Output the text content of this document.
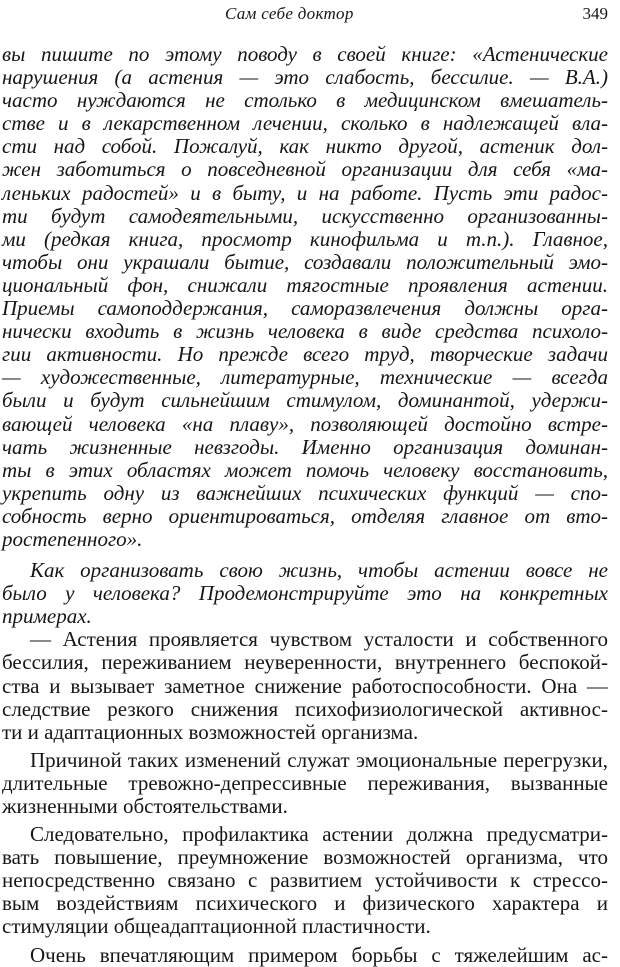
Сам себе доктор	349
вы пишите по этому поводу в своей книге: «Астенические
нарушения (а астения — это слабость, бессилие. — В.А.)
часто нуждаются не столько в медицинском вмешатель-
стве и в лекарственном лечении, сколько в надлежащей вла-
сти над собой. Пожалуй, как никто другой, астеник дол-
жен заботиться о повседневной организации для себя «ма-
леньких радостей» и в быту, и на работе. Пусть эти радос-
ти будут самодеятельными, искусственно организованны-
ми (редкая книга, просмотр кинофильма и т.п.). Главное,
чтобы они украшали бытие, создавали положительный эмо-
циональный фон, снижали тягостные проявления астении.
Приемы самоподдержания, саморазвлечения должны орга-
нически входить в жизнь человека в виде средства психоло-
гии активности. Но прежде всего труд, творческие задачи
— художественные, литературные, технические — всегда
были и будут сильнейшим стимулом, доминантой, удержи-
вающей человека «на плаву», позволяющей достойно встре-
чать жизненные невзгоды. Именно организация доминан-
ты в этих областях может помочь человеку восстановить,
укрепить одну из важнейших психических функций — спо-
собность верно ориентироваться, отделяя главное от вто-
ростепенного».
Как организовать свою жизнь, чтобы астении вовсе не
было у человека? Продемонстрируйте это на конкретных
примерах.
— Астения проявляется чувством усталости и собственного
бессилия, переживанием неуверенности, внутреннего беспокой-
ства и вызывает заметное снижение работоспособности. Она —
следствие резкого снижения психофизиологической активнос-
ти и адаптационных возможностей организма.
Причиной таких изменений служат эмоциональные перегрузки,
длительные тревожно-депрессивные переживания, вызванные
жизненными обстоятельствами.
Следовательно, профилактика астении должна предусматри-
вать повышение, преумножение возможностей организма, что
непосредственно связано с развитием устойчивости к стрессо-
вым воздействиям психического и физического характера и
стимуляции общеадаптационной пластичности.
Очень впечатляющим примером борьбы с тяжелейшим ас-
